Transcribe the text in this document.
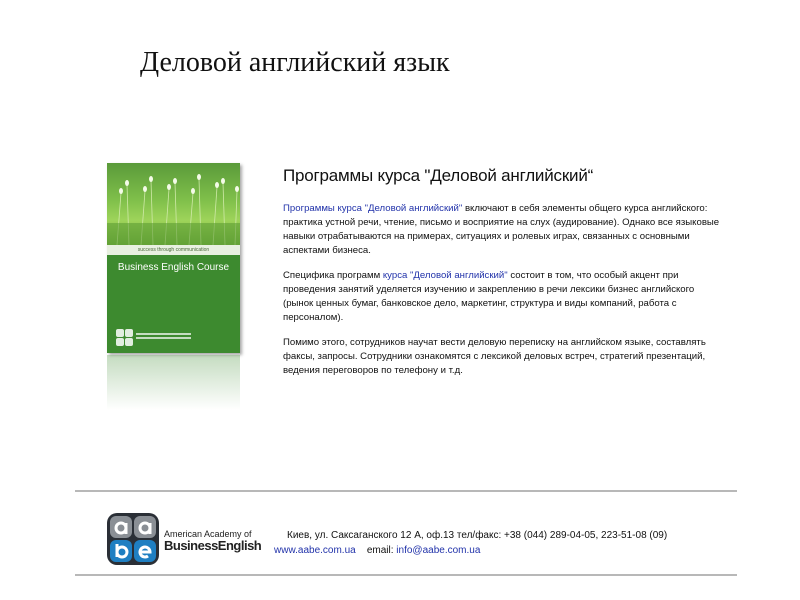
Деловой английский язык
success through communication
Business English Course
Программы курса "Деловой английский“

Программы курса "Деловой английский" включают в себя элементы общего курса английского: практика устной речи, чтение, письмо и восприятие на слух (аудирование). Однако все языковые навыки отрабатываются на примерах, ситуациях и ролевых играх, связанных с основными аспектами бизнеса.

Специфика программ курса "Деловой английский" состоит в том, что особый акцент при проведения занятий уделяется изучению и закреплению в речи лексики бизнес английского (рынок ценных бумаг, банковское дело, маркетинг, структура и виды компаний, работа с персоналом).

Помимо этого, сотрудников научат вести деловую переписку на английском языке, составлять факсы, запросы. Сотрудники ознакомятся с лексикой деловых встреч, стратегий презентаций, ведения переговоров по телефону и т.д.

American Academy of
BusinessEnglish
Киев, ул. Саксаганского 12 А, оф.13 тел/факс: +38 (044) 289-04-05, 223-51-08 (09)
www.aabe.com.ua email: info@aabe.com.ua
